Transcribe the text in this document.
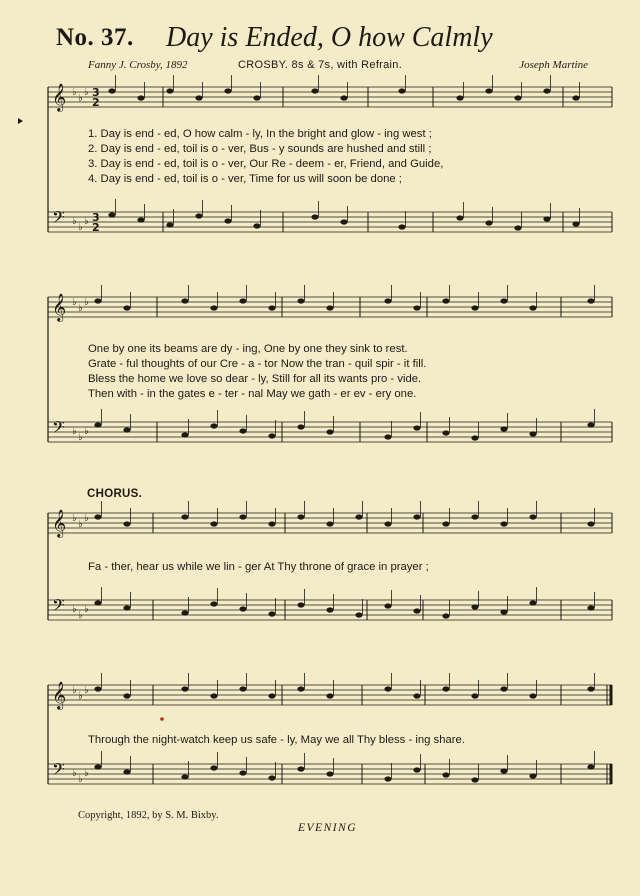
No. 37. Day is Ended, O how Calmly
Fanny J. Crosby, 1892	CROSBY. 8s & 7s, with Refrain.	Joseph Martine
𝄞 ♭
♭
♭ 3
2
𝄢 ♭
♭
♭ 3
2
𝄞 ♭
♭
♭
𝄢 ♭
♭
♭
𝄞 ♭
♭
♭
𝄢 ♭
♭
♭
𝄞 ♭
♭
♭
𝄢 ♭
♭
♭
1. Day is end - ed, O how calm - ly, In the bright and glow - ing west ;
2. Day is end - ed, toil is o - ver, Bus - y sounds are hushed and still ;
3. Day is end - ed, toil is o - ver, Our Re - deem - er, Friend, and Guide,
4. Day is end - ed, toil is o - ver, Time for us will soon be done ;
One by one its beams are dy - ing, One by one they sink to rest.
Grate - ful thoughts of our Cre - a - tor Now the tran - quil spir - it fill.
Bless the home we love so dear - ly, Still for all its wants pro - vide.
Then with - in the gates e - ter - nal May we gath - er ev - ery one.
CHORUS.
Fa - ther, hear us while we lin - ger At Thy throne of grace in prayer ;
Through the night-watch keep us safe - ly, May we all Thy bless - ing share.
Copyright, 1892, by S. M. Bixby.
EVENING
